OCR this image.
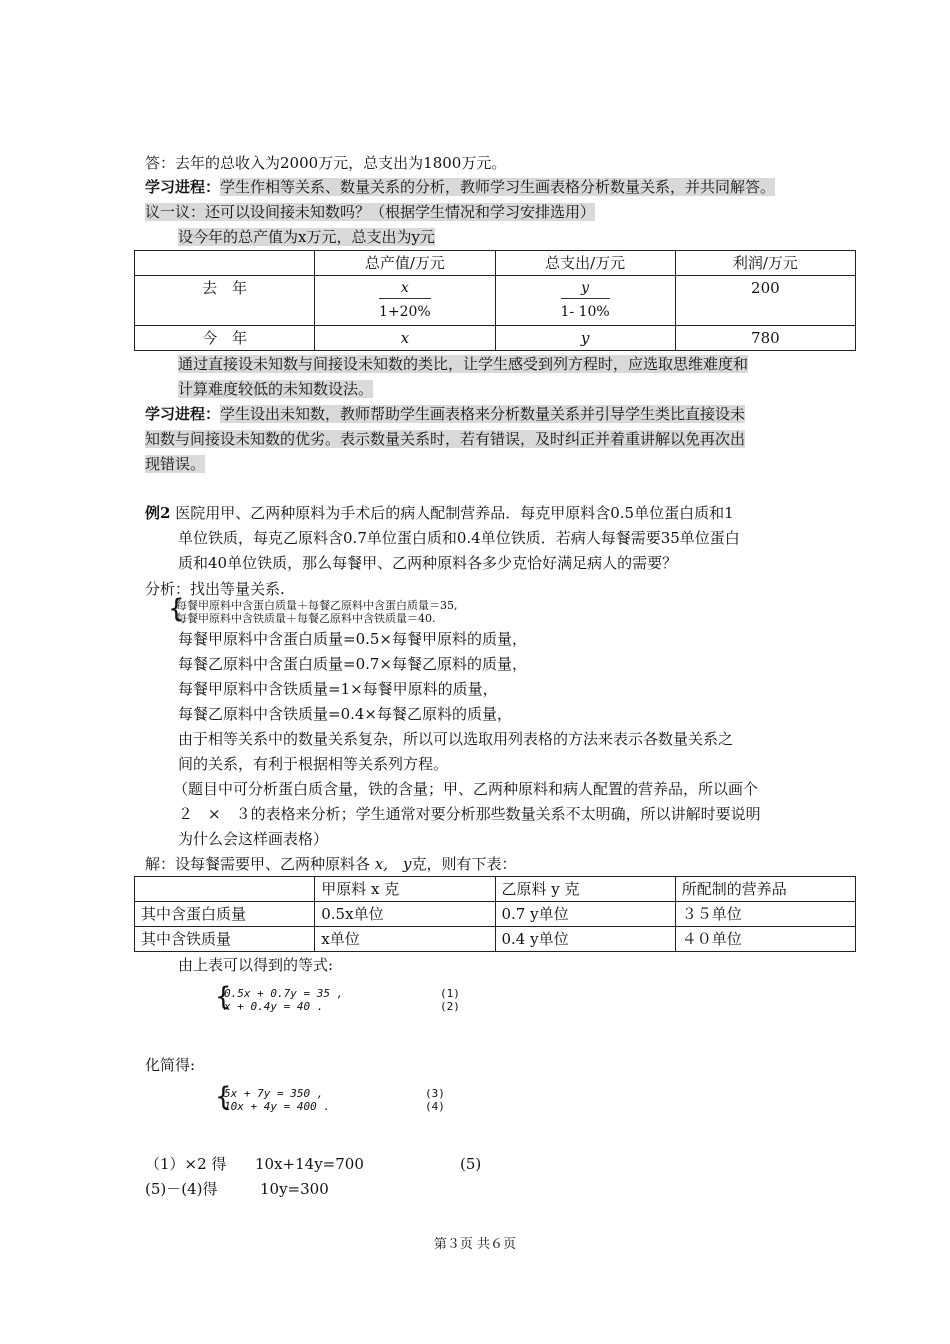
答：去年的总收入为2000万元，总支出为1800万元。
学习进程：学生作相等关系、数量关系的分析，教师学习生画表格分析数量关系，并共同解答。
议一议：还可以设间接未知数吗？（根据学生情况和学习安排选用）
设今年的总产值为x万元，总支出为y元
	总产值/万元	总支出/万元	利润/万元
去　年	$\frac{x}{1+20\%}$	$\frac{y}{1- 10\%}$	200
今　年	x	y	780
通过直接设未知数与间接设未知数的类比，让学生感受到列方程时，应选取思维难度和
计算难度较低的未知数设法。
学习进程：学生设出未知数，教师帮助学生画表格来分析数量关系并引导学生类比直接设未
知数与间接设未知数的优劣。表示数量关系时，若有错误，及时纠正并着重讲解以免再次出
现错误。
例2 医院用甲、乙两种原料为手术后的病人配制营养品．每克甲原料含0.5单位蛋白质和1
单位铁质，每克乙原料含0.7单位蛋白质和0.4单位铁质．若病人每餐需要35单位蛋白
质和40单位铁质，那么每餐甲、乙两种原料各多少克恰好满足病人的需要？
分析：找出等量关系.
{
每餐甲原料中含蛋白质量＋每餐乙原料中含蛋白质量＝35,
每餐甲原料中含铁质量＋每餐乙原料中含铁质量＝40.
每餐甲原料中含蛋白质量=0.5×每餐甲原料的质量，
每餐乙原料中含蛋白质量=0.7×每餐乙原料的质量，
每餐甲原料中含铁质量=1×每餐甲原料的质量，
每餐乙原料中含铁质量=0.4×每餐乙原料的质量，
由于相等关系中的数量关系复杂，所以可以选取用列表格的方法来表示各数量关系之
间的关系，有利于根据相等关系列方程。
（题目中可分析蛋白质含量，铁的含量；甲、乙两种原料和病人配置的营养品，所以画个
２　×　３的表格来分析；学生通常对要分析那些数量关系不太明确，所以讲解时要说明
为什么会这样画表格）
解：设每餐需要甲、乙两种原料各 x,　y克，则有下表：
	甲原料 x 克	乙原料 y 克	所配制的营养品
其中含蛋白质量	0.5x单位	0.7 y单位	３５单位
其中含铁质量	x单位	0.4 y单位	４０单位
由上表可以得到的等式:
{
0.5x + 0.7y = 35 ,
x + 0.4y = 40 .
(1)
(2)
化简得:
{
5x + 7y = 350 ,
10x + 4y = 400 .
(3)
(4)
（1）×2 得 10x+14y=700	(5)
(5)－(4)得	10y=300
第３页 共６页
